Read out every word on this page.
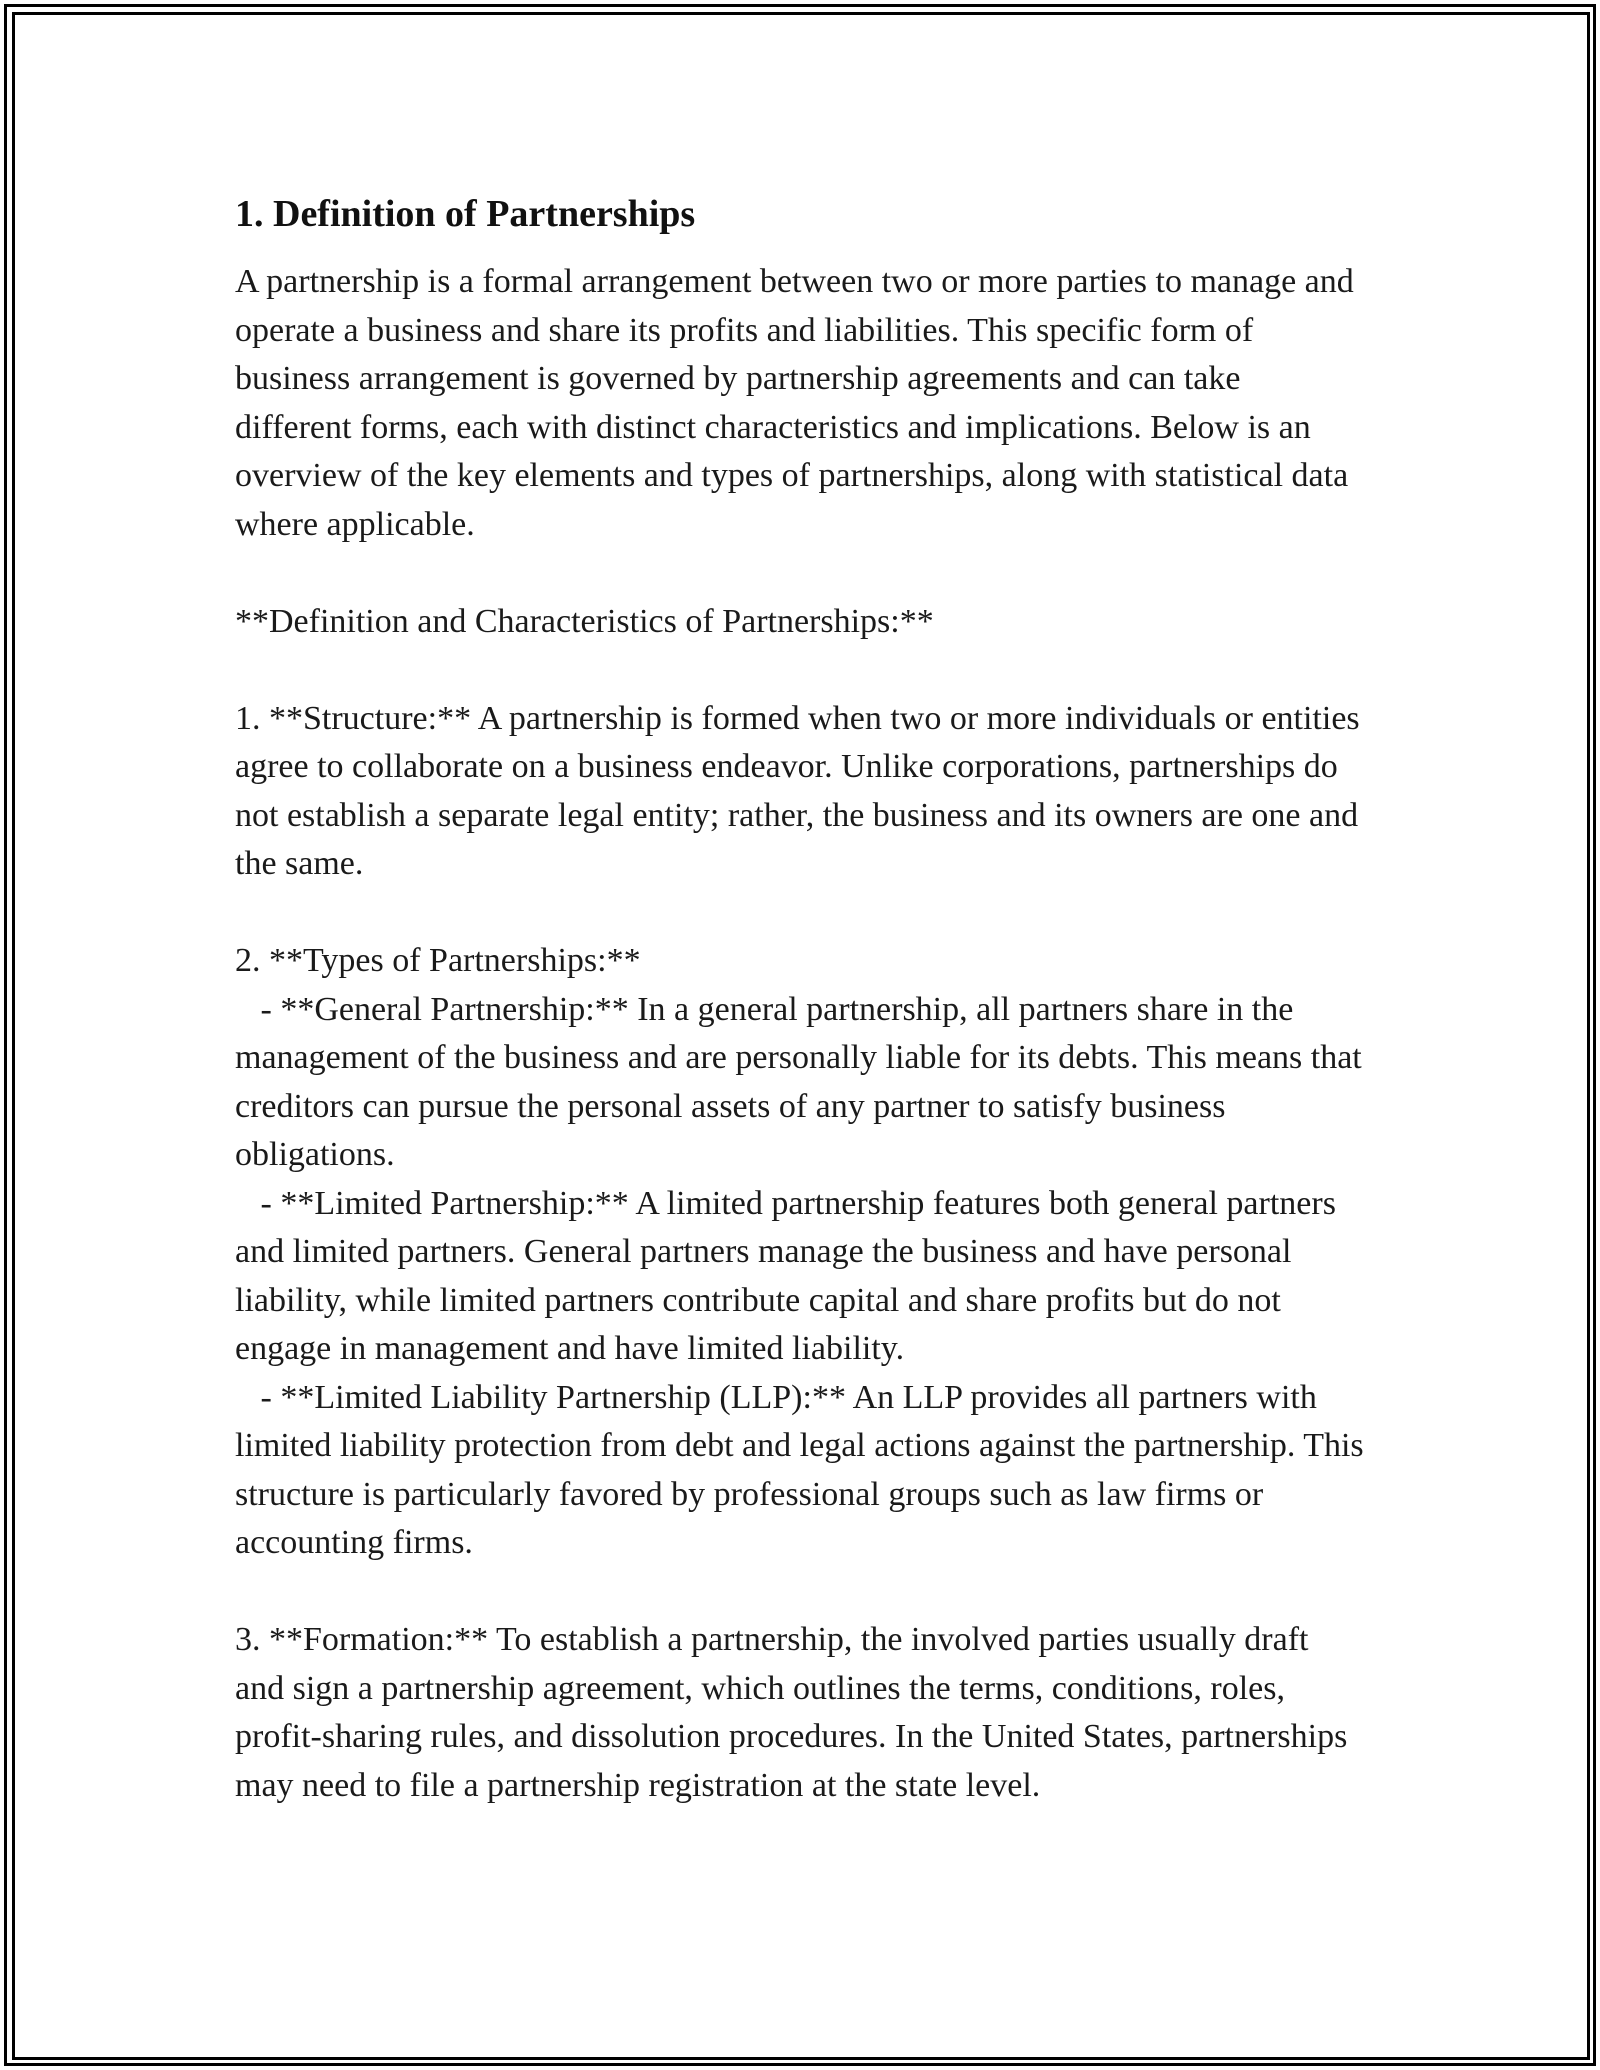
1. Definition of Partnerships

A partnership is a formal arrangement between two or more parties to manage and operate a business and share its profits and liabilities. This specific form of business arrangement is governed by partnership agreements and can take different forms, each with distinct characteristics and implications. Below is an overview of the key elements and types of partnerships, along with statistical data where applicable.

**Definition and Characteristics of Partnerships:**

1. **Structure:** A partnership is formed when two or more individuals or entities agree to collaborate on a business endeavor. Unlike corporations, partnerships do not establish a separate legal entity; rather, the business and its owners are one and the same.

2. **Types of Partnerships:**

- **General Partnership:** In a general partnership, all partners share in the management of the business and are personally liable for its debts. This means that creditors can pursue the personal assets of any partner to satisfy business obligations.

- **Limited Partnership:** A limited partnership features both general partners and limited partners. General partners manage the business and have personal liability, while limited partners contribute capital and share profits but do not engage in management and have limited liability.

- **Limited Liability Partnership (LLP):** An LLP provides all partners with limited liability protection from debt and legal actions against the partnership. This structure is particularly favored by professional groups such as law firms or accounting firms.

3. **Formation:** To establish a partnership, the involved parties usually draft and sign a partnership agreement, which outlines the terms, conditions, roles, profit-sharing rules, and dissolution procedures. In the United States, partnerships may need to file a partnership registration at the state level.
